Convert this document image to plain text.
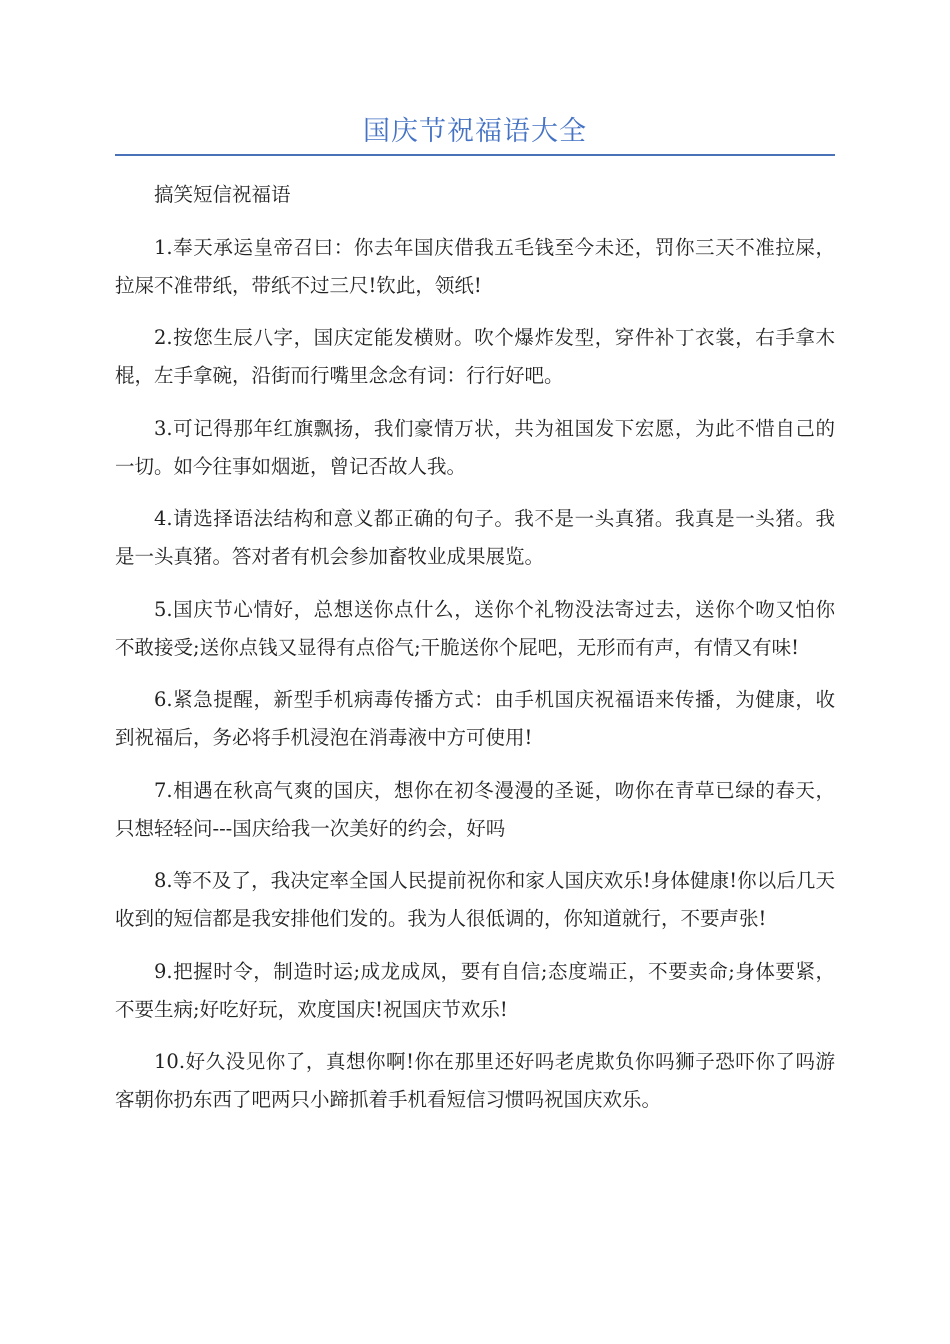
国庆节祝福语大全

搞笑短信祝福语

1.奉天承运皇帝召曰：你去年国庆借我五毛钱至今未还，罚你三天不准拉屎，拉屎不准带纸，带纸不过三尺!钦此，领纸!

2.按您生辰八字，国庆定能发横财。吹个爆炸发型，穿件补丁衣裳，右手拿木棍，左手拿碗，沿街而行嘴里念念有词：行行好吧。

3.可记得那年红旗飘扬，我们豪情万状，共为祖国发下宏愿，为此不惜自己的一切。如今往事如烟逝，曾记否故人我。

4.请选择语法结构和意义都正确的句子。我不是一头真猪。我真是一头猪。我是一头真猪。答对者有机会参加畜牧业成果展览。

5.国庆节心情好，总想送你点什么，送你个礼物没法寄过去，送你个吻又怕你不敢接受;送你点钱又显得有点俗气;干脆送你个屁吧，无形而有声，有情又有味!

6.紧急提醒，新型手机病毒传播方式：由手机国庆祝福语来传播，为健康，收到祝福后，务必将手机浸泡在消毒液中方可使用!

7.相遇在秋高气爽的国庆，想你在初冬漫漫的圣诞，吻你在青草已绿的春天，只想轻轻问---国庆给我一次美好的约会，好吗

8.等不及了，我决定率全国人民提前祝你和家人国庆欢乐!身体健康!你以后几天收到的短信都是我安排他们发的。我为人很低调的，你知道就行，不要声张!

9.把握时令，制造时运;成龙成凤，要有自信;态度端正，不要卖命;身体要紧，不要生病;好吃好玩，欢度国庆!祝国庆节欢乐!

10.好久没见你了，真想你啊!你在那里还好吗老虎欺负你吗狮子恐吓你了吗游客朝你扔东西了吧两只小蹄抓着手机看短信习惯吗祝国庆欢乐。
